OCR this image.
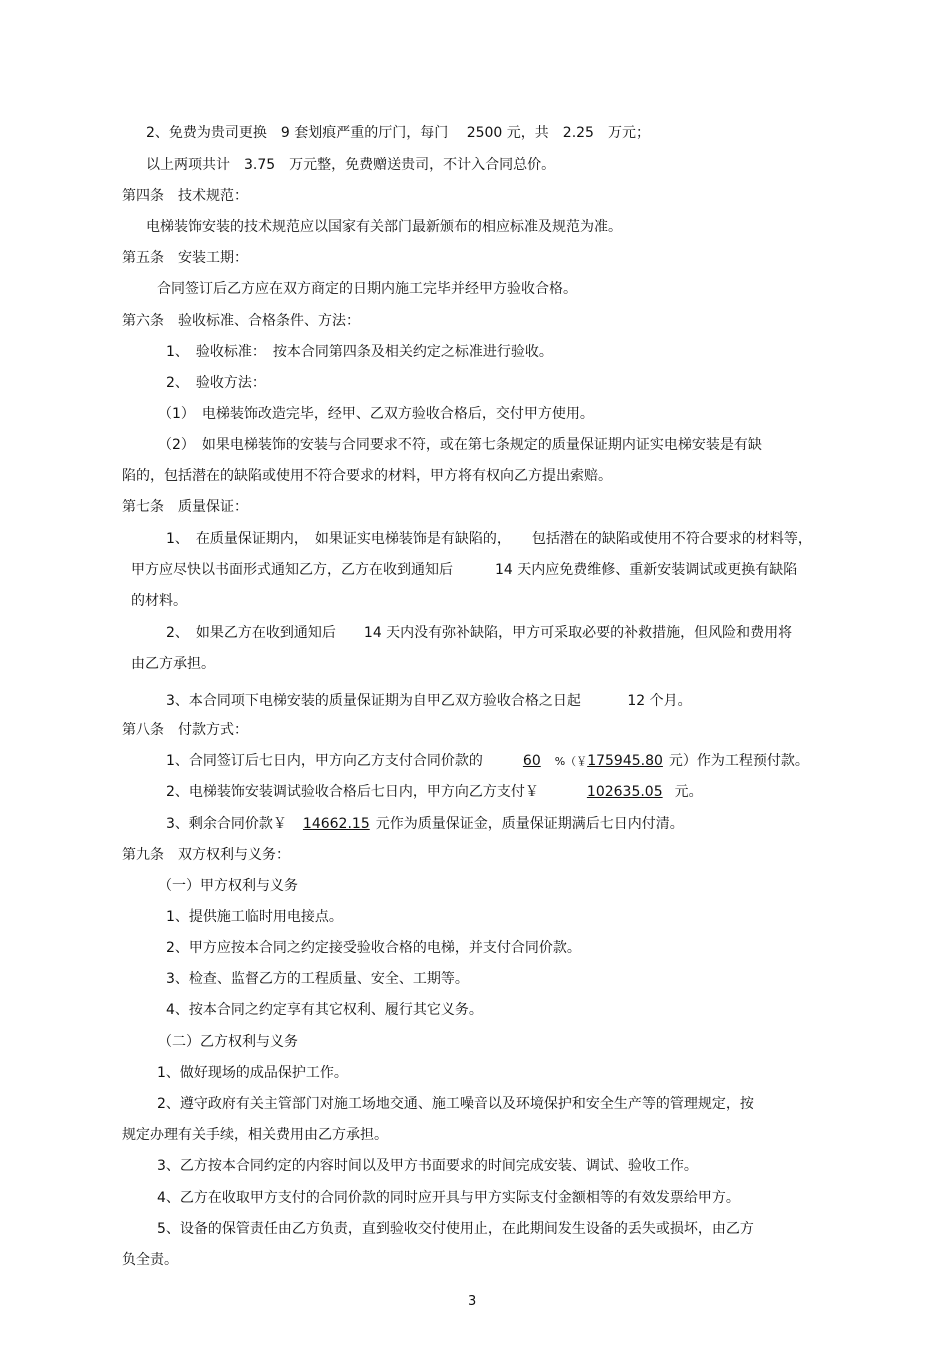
2、免费为贵司更换　9 套划痕严重的厅门，每门　 2500 元，共　2.25　万元；
以上两项共计　3.75　万元整，免费赠送贵司，不计入合同总价。
第四条　技术规范：
电梯装饰安装的技术规范应以国家有关部门最新颁布的相应标准及规范为准。
第五条　安装工期：
合同签订后乙方应在双方商定的日期内施工完毕并经甲方验收合格。
第六条　验收标准、合格条件、方法：
1、　验收标准：　按本合同第四条及相关约定之标准进行验收。
2、　验收方法：
（1）　电梯装饰改造完毕，经甲、乙双方验收合格后，交付甲方使用。
（2）　如果电梯装饰的安装与合同要求不符，或在第七条规定的质量保证期内证实电梯安装是有缺
陷的，包括潜在的缺陷或使用不符合要求的材料，甲方将有权向乙方提出索赔。
第七条　质量保证：
1、　在质量保证期内，　如果证实电梯装饰是有缺陷的，　　包括潜在的缺陷或使用不符合要求的材料等，
甲方应尽快以书面形式通知乙方，乙方在收到通知后　　　14 天内应免费维修、重新安装调试或更换有缺陷
的材料。
2、　如果乙方在收到通知后　　14 天内没有弥补缺陷，甲方可采取必要的补救措施，但风险和费用将
由乙方承担。
3、本合同项下电梯安装的质量保证期为自甲乙双方验收合格之日起　　　 12 个月。
第八条　付款方式：
1、合同签订后七日内，甲方向乙方支付合同价款的	60 %（￥175945.80 元）作为工程预付款。
2、电梯装饰安装调试验收合格后七日内，甲方向乙方支付￥	102635.05 元。
3、剩余合同价款￥ 14662.15 元作为质量保证金，质量保证期满后七日内付清。
第九条　双方权利与义务：
（一）甲方权利与义务
1、提供施工临时用电接点。
2、甲方应按本合同之约定接受验收合格的电梯，并支付合同价款。
3、检查、监督乙方的工程质量、安全、工期等。
4、按本合同之约定享有其它权利、履行其它义务。
（二）乙方权利与义务
1、做好现场的成品保护工作。
2、遵守政府有关主管部门对施工场地交通、施工噪音以及环境保护和安全生产等的管理规定，按
规定办理有关手续，相关费用由乙方承担。
3、乙方按本合同约定的内容时间以及甲方书面要求的时间完成安装、调试、验收工作。
4、乙方在收取甲方支付的合同价款的同时应开具与甲方实际支付金额相等的有效发票给甲方。
5、设备的保管责任由乙方负责，直到验收交付使用止，在此期间发生设备的丢失或损坏，由乙方
负全责。
3
